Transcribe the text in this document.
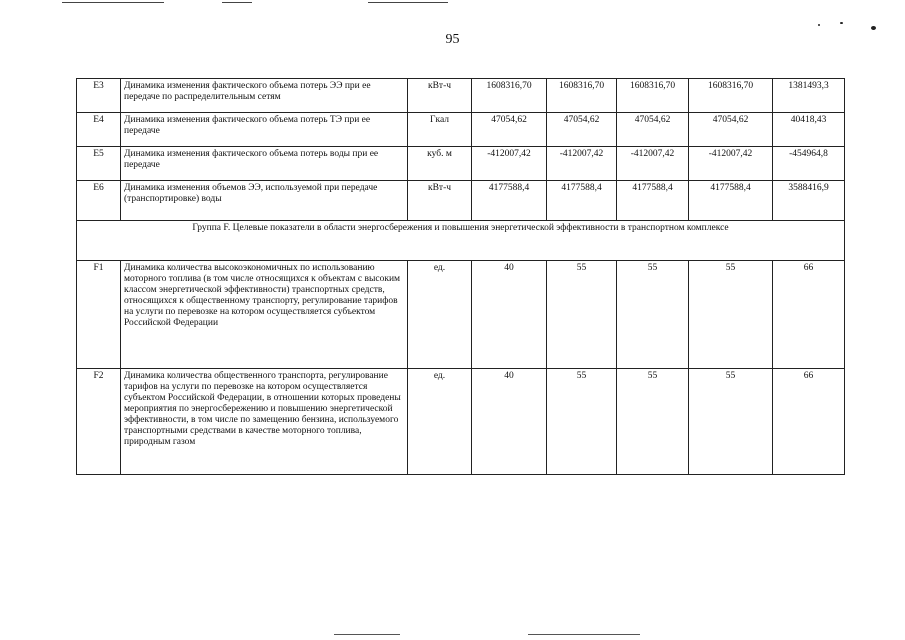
95
E3	Динамика изменения фактического объема потерь ЭЭ при ее передаче по распределительным сетям	кВт-ч	1608316,70	1608316,70	1608316,70	1608316,70	1381493,3
E4	Динамика изменения фактического объема потерь ТЭ при ее передаче	Гкал	47054,62	47054,62	47054,62	47054,62	40418,43
E5	Динамика изменения фактического объема потерь воды при ее передаче	куб. м	-412007,42	-412007,42	-412007,42	-412007,42	-454964,8
E6	Динамика изменения объемов ЭЭ, используемой при передаче (транспортировке) воды	кВт-ч	4177588,4	4177588,4	4177588,4	4177588,4	3588416,9
Группа F. Целевые показатели в области энергосбережения и повышения энергетической эффективности в транспортном комплексе							
F1	Динамика количества высокоэкономичных по использованию моторного топлива (в том числе относящихся к объектам с высоким классом энергетической эффективности) транспортных средств, относящихся к общественному транспорту, регулирование тарифов на услуги по перевозке на котором осуществляется субъектом Российской Федерации	ед.	40	55	55	55	66
F2	Динамика количества общественного транспорта, регулирование тарифов на услуги по перевозке на котором осуществляется субъектом Российской Федерации, в отношении которых проведены мероприятия по энергосбережению и повышению энергетической эффективности, в том числе по замещению бензина, используемого транспортными средствами в качестве моторного топлива, природным газом	ед.	40	55	55	55	66
